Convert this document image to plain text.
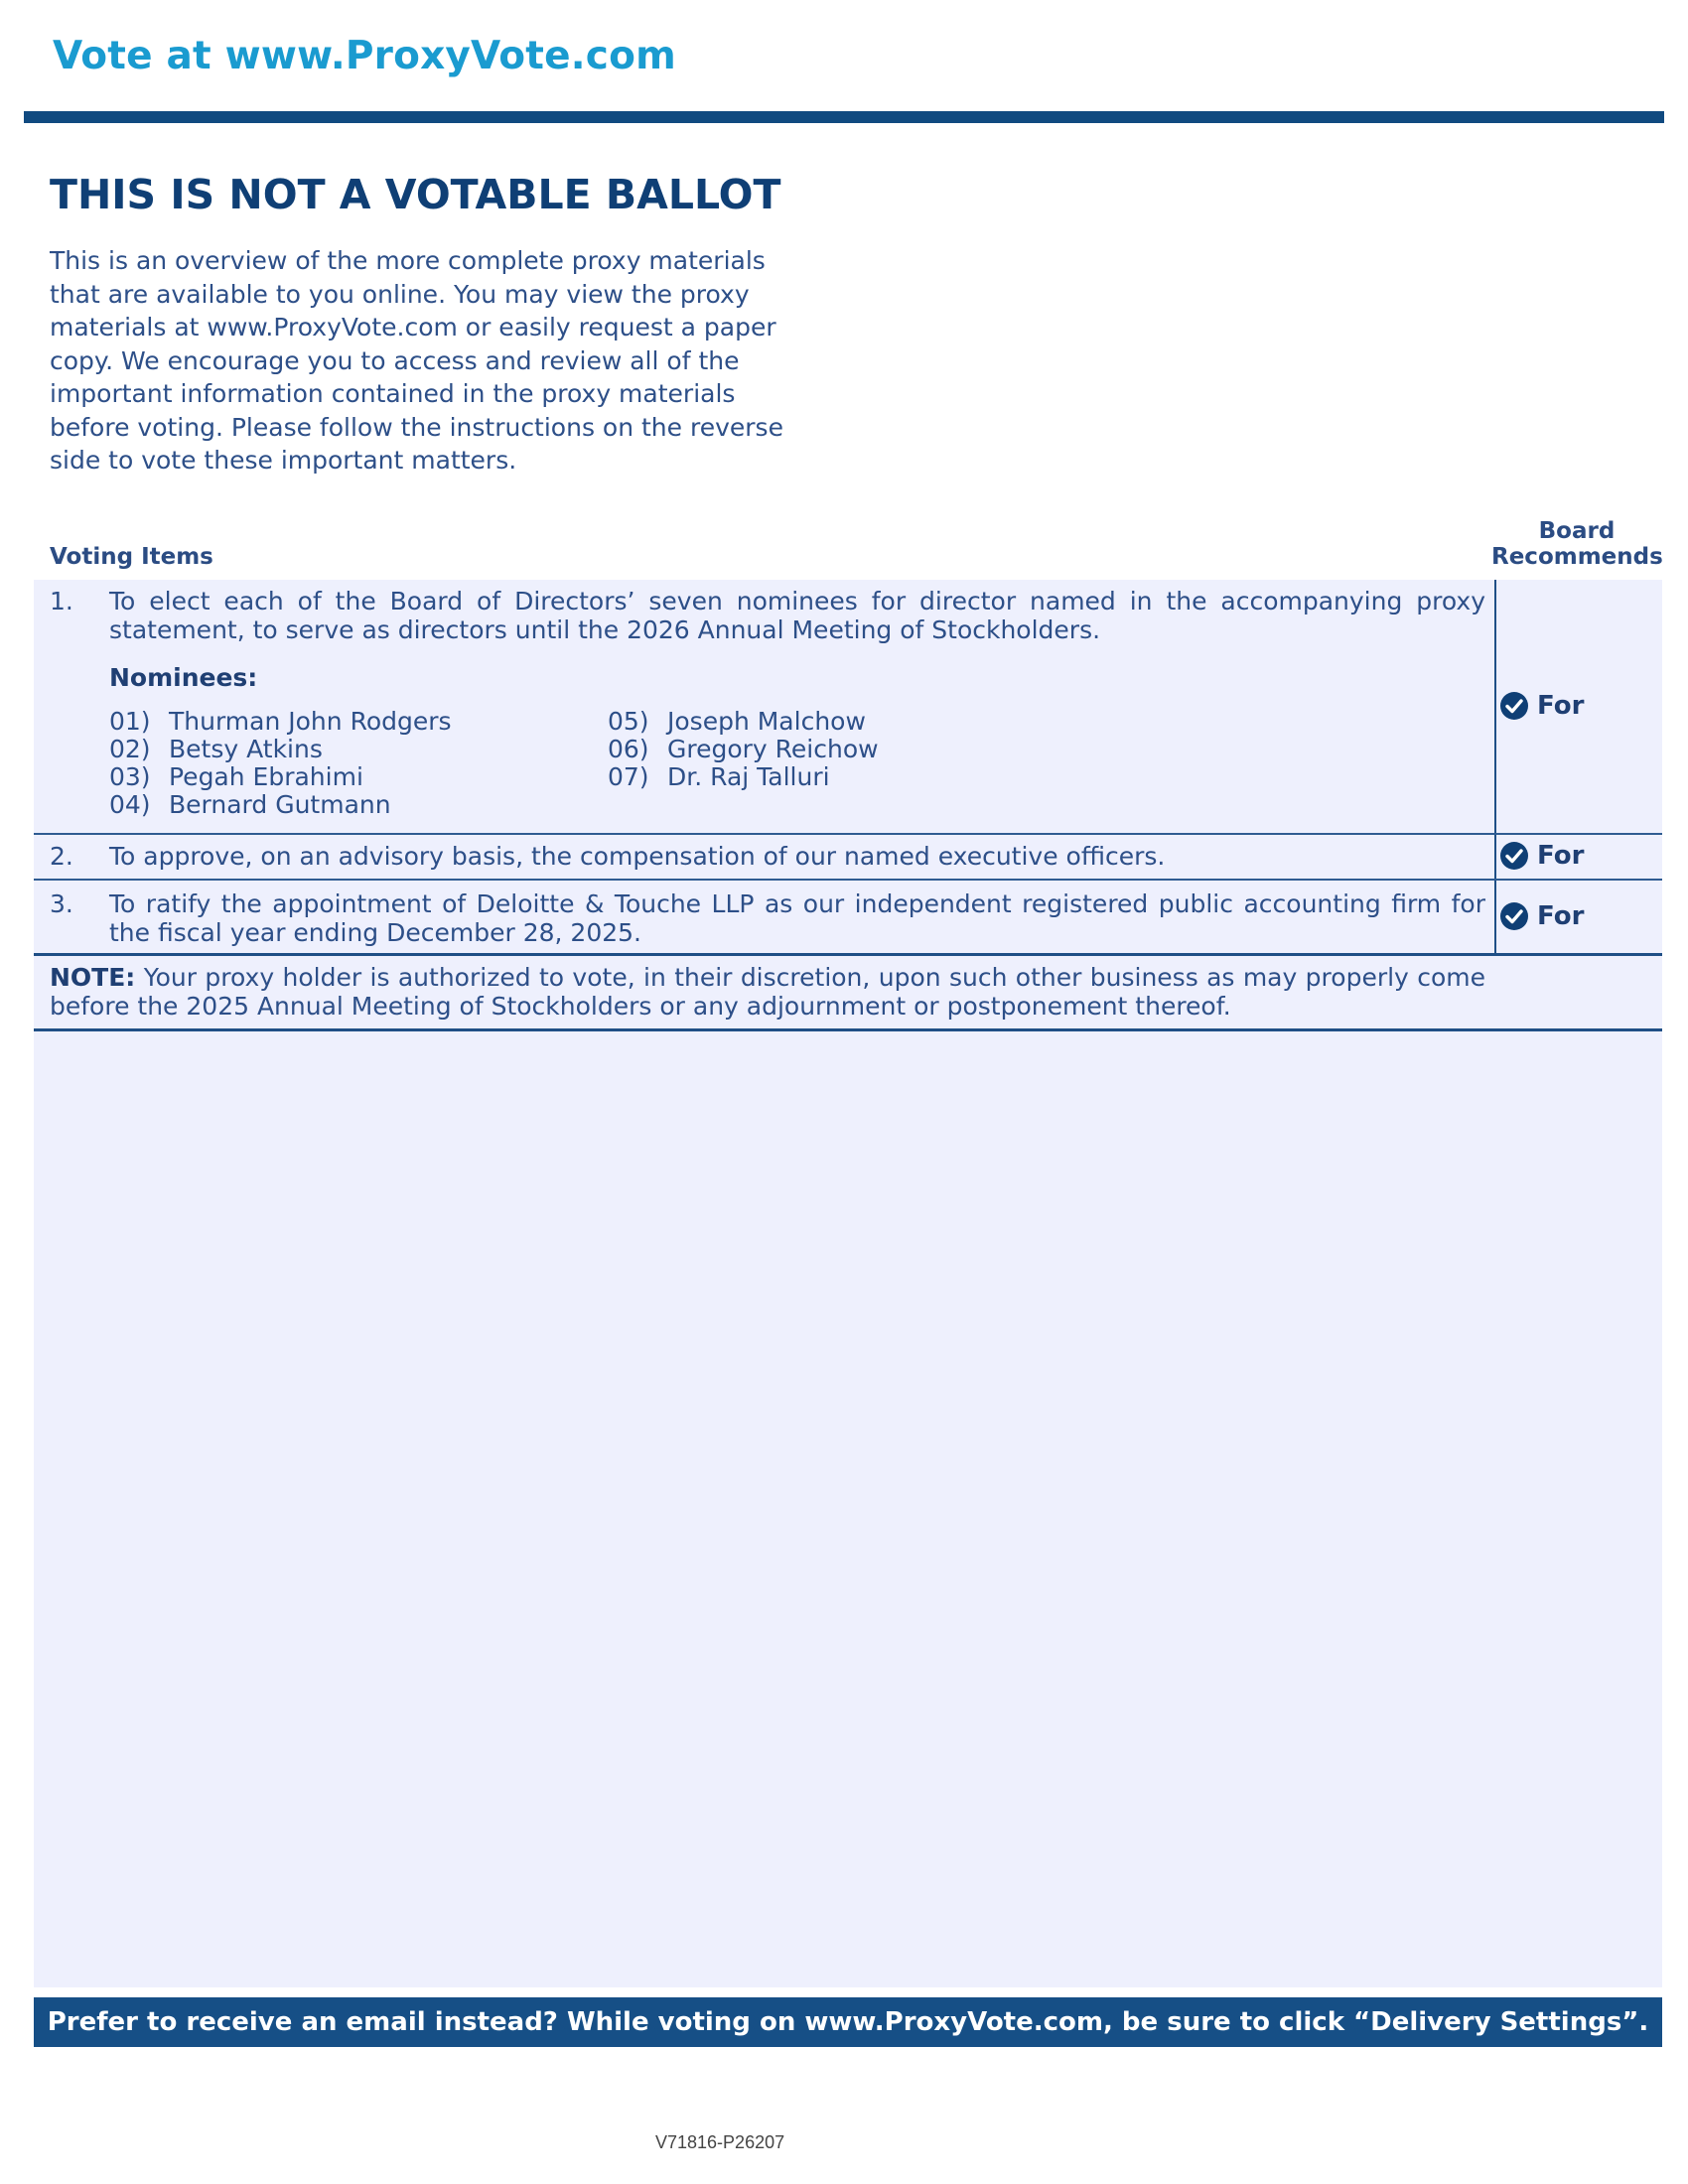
Vote at www.ProxyVote.com
THIS IS NOT A VOTABLE BALLOT
This is an overview of the more complete proxy materials that are available to you online. You may view the proxy materials at www.ProxyVote.com or easily request a paper copy. We encourage you to access and review all of the important information contained in the proxy materials before voting. Please follow the instructions on the reverse side to vote these important matters.
Voting Items
Board
Recommends
1. To elect each of the Board of Directors’ seven nominees for director named in the accompanying proxy statement, to serve as directors until the 2026 Annual Meeting of Stockholders.
Nominees:
01) Thurman John Rodgers
02) Betsy Atkins
03) Pegah Ebrahimi
04) Bernard Gutmann
05) Joseph Malchow
06) Gregory Reichow
07) Dr. Raj Talluri
For
2. To approve, on an advisory basis, the compensation of our named executive officers.	For
3. To ratify the appointment of Deloitte & Touche LLP as our independent registered public accounting firm for the fiscal year ending December 28, 2025.
For
NOTE: Your proxy holder is authorized to vote, in their discretion, upon such other business as may properly come before the 2025 Annual Meeting of Stockholders or any adjournment or postponement thereof.
Prefer to receive an email instead? While voting on www.ProxyVote.com, be sure to click “Delivery Settings”.
V71816-P26207
